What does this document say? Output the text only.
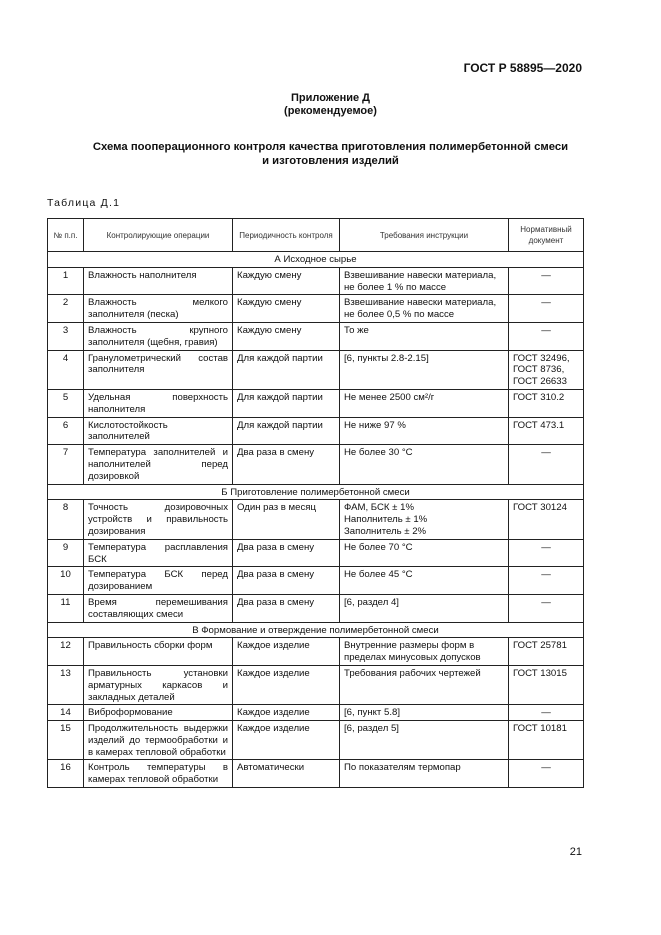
ГОСТ Р 58895—2020
Приложение Д
(рекомендуемое)
Схема пооперационного контроля качества приготовления полимербетонной смеси
и изготовления изделий
Таблица Д.1
№ п.п.	Контролирующие операции	Периодичность контроля	Требования инструкции	Нормативный документ
А Исходное сырье				
1	Влажность наполнителя	Каждую смену	Взвешивание навески материала, не более 1 % по массе	—
2	Влажность мелкого заполнителя (песка)	Каждую смену	Взвешивание навески материала, не более 0,5 % по массе	—
3	Влажность крупного заполнителя (щебня, гравия)	Каждую смену	То же	—
4	Гранулометрический состав заполнителя	Для каждой партии	[6, пункты 2.8-2.15]	ГОСТ 32496, ГОСТ 8736, ГОСТ 26633
5	Удельная поверхность наполнителя	Для каждой партии	Не менее 2500 см²/г	ГОСТ 310.2
6	Кислотостойкость заполнителей	Для каждой партии	Не ниже 97 %	ГОСТ 473.1
7	Температура заполнителей и наполнителей перед дозировкой	Два раза в смену	Не более 30 °С	—
Б Приготовление полимербетонной смеси				
8	Точность дозировочных устройств и правильность дозирования	Один раз в месяц	ФАМ, БСК ± 1%
Наполнитель ± 1%
Заполнитель ± 2%	ГОСТ 30124
9	Температура расплавления БСК	Два раза в смену	Не более 70 °С	—
10	Температура БСК перед дозированием	Два раза в смену	Не более 45 °С	—
11	Время перемешивания составляющих смеси	Два раза в смену	[6, раздел 4]	—
В Формование и отверждение полимербетонной смеси				
12	Правильность сборки форм	Каждое изделие	Внутренние размеры форм в пределах минусовых допусков	ГОСТ 25781
13	Правильность установки арматурных каркасов и закладных деталей	Каждое изделие	Требования рабочих чертежей	ГОСТ 13015
14	Виброформование	Каждое изделие	[6, пункт 5.8]	—
15	Продолжительность выдержки изделий до термообработки и в камерах тепловой обработки	Каждое изделие	[6, раздел 5]	ГОСТ 10181
16	Контроль температуры в камерах тепловой обработки	Автоматически	По показателям термопар	—
21
